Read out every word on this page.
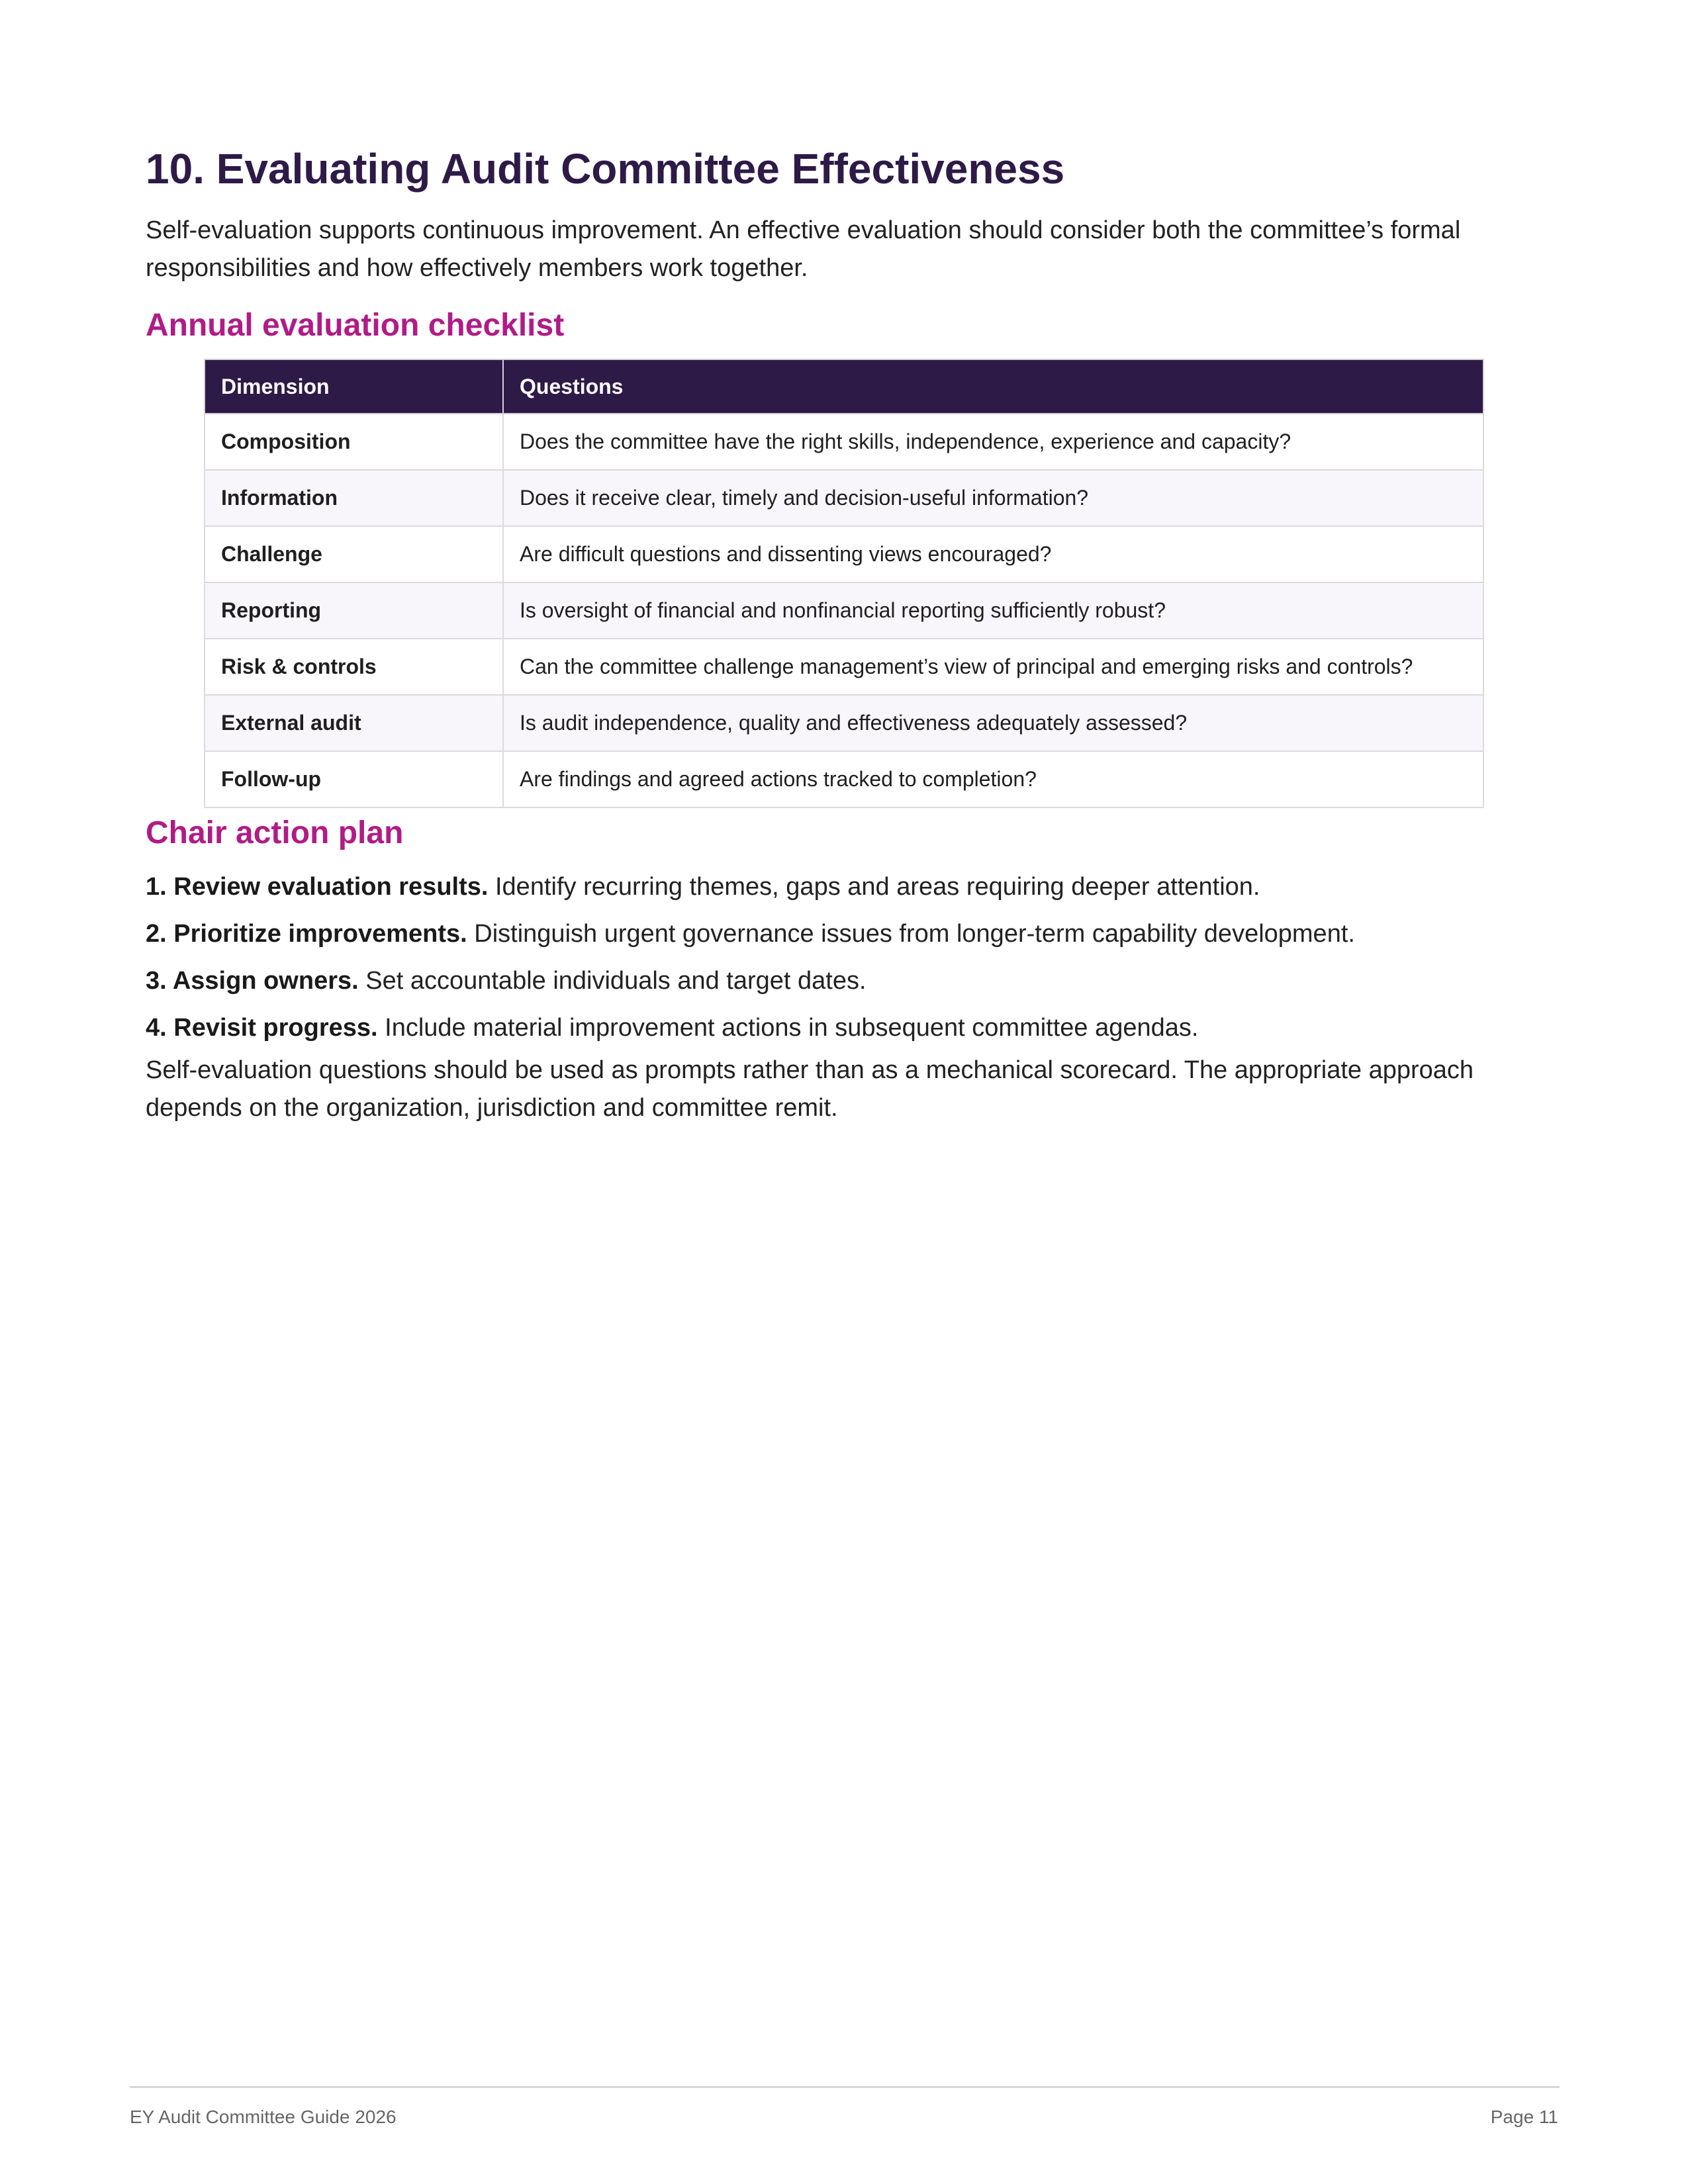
10. Evaluating Audit Committee Effectiveness

Self-evaluation supports continuous improvement. An effective evaluation should consider both the committee’s formal responsibilities and how effectively members work together.

Annual evaluation checklist
Dimension	Questions
Composition	Does the committee have the right skills, independence, experience and capacity?
Information	Does it receive clear, timely and decision-useful information?
Challenge	Are difficult questions and dissenting views encouraged?
Reporting	Is oversight of financial and nonfinancial reporting sufficiently robust?
Risk & controls	Can the committee challenge management’s view of principal and emerging risks and controls?
External audit	Is audit independence, quality and effectiveness adequately assessed?
Follow-up	Are findings and agreed actions tracked to completion?
Chair action plan

1. Review evaluation results. Identify recurring themes, gaps and areas requiring deeper attention.

2. Prioritize improvements. Distinguish urgent governance issues from longer-term capability development.

3. Assign owners. Set accountable individuals and target dates.

4. Revisit progress. Include material improvement actions in subsequent committee agendas.

Self-evaluation questions should be used as prompts rather than as a mechanical scorecard. The appropriate approach depends on the organization, jurisdiction and committee remit.

EY Audit Committee Guide 2026	Page 11
